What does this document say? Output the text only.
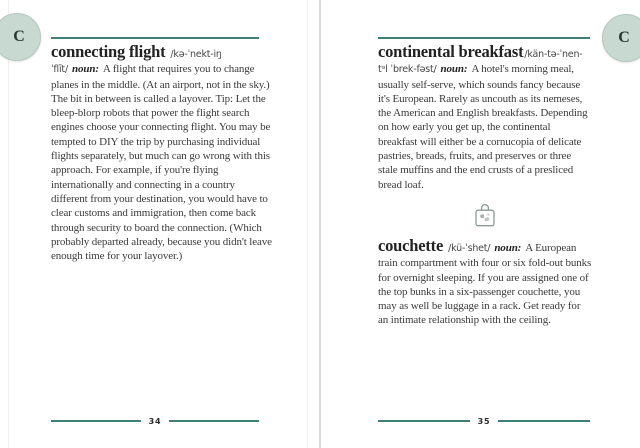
C

connecting flight /kə-ˈnekt-iŋ ˈflīt/ noun: A flight that requires you to change planes in the middle. (At an airport, not in the sky.) The bit in between is called a layover. Tip: Let the bleep-blorp robots that power the flight search engines choose your connecting flight. You may be tempted to DIY the trip by purchasing individual flights separately, but much can go wrong with this approach. For example, if you're flying internationally and connecting in a country different from your destination, you would have to clear customs and immigration, then come back through security to board the connection. (Which probably departed already, because you didn't leave enough time for your layover.)

34
C

continental breakfast/kän-tə-ˈnen-tᵊl ˈbrek-fəst/ noun: A hotel's morning meal, usually self-serve, which sounds fancy because it's European. Rarely as uncouth as its nemeses, the American and English breakfasts. Depending on how early you get up, the continental breakfast will either be a cornucopia of delicate pastries, breads, fruits, and preserves or three stale muffins and the end crusts of a presliced bread loaf.

couchette /kü-ˈshet/ noun: A European train compartment with four or six fold-out bunks for overnight sleeping. If you are assigned one of the top bunks in a six-passenger couchette, you may as well be luggage in a rack. Get ready for an intimate relationship with the ceiling.

35
